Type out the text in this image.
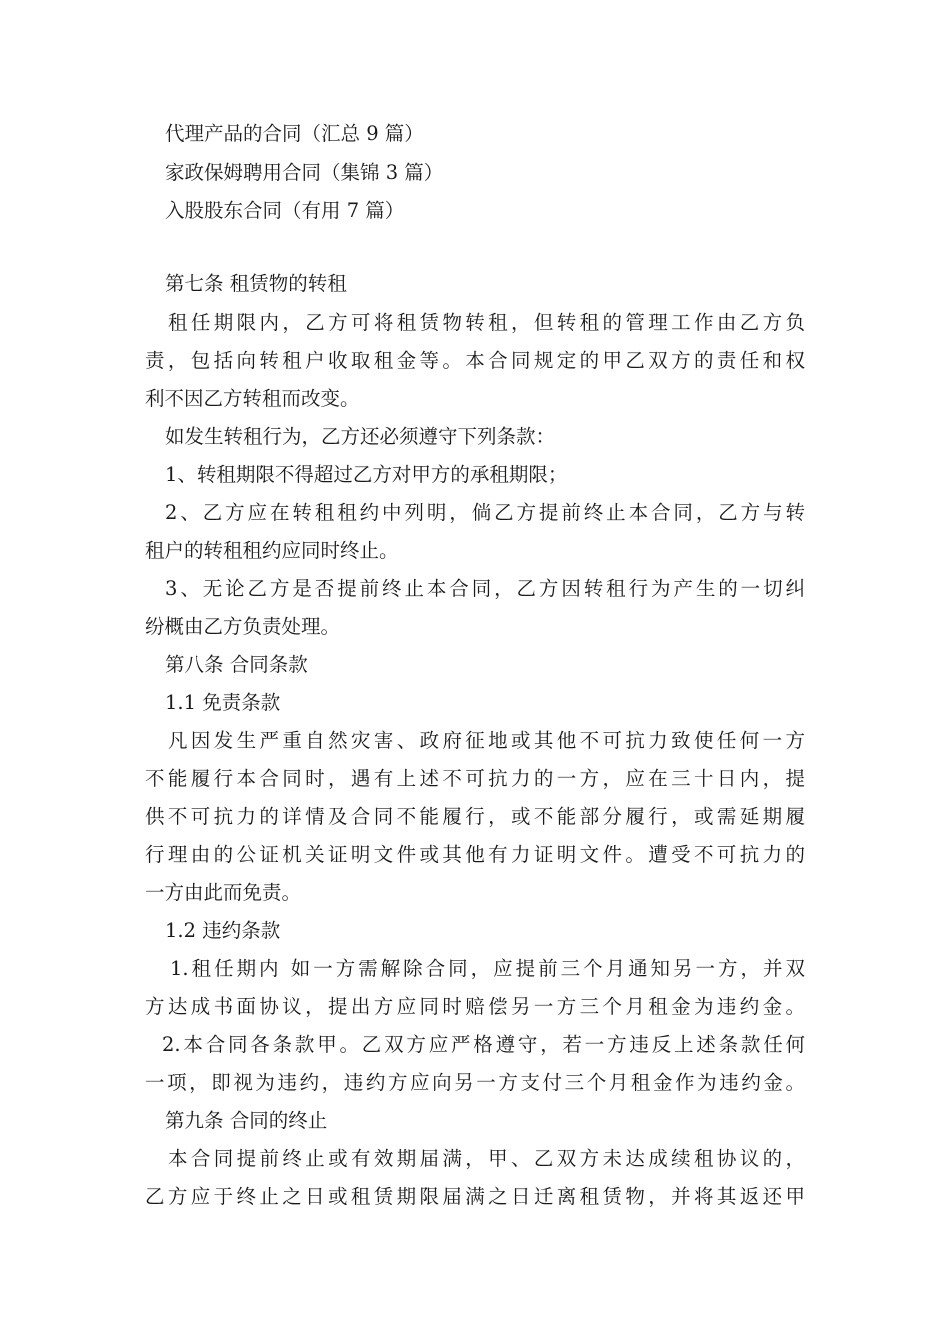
代理产品的合同（汇总 9 篇）
家政保姆聘用合同（集锦 3 篇）
入股股东合同（有用 7 篇）
第七条 租赁物的转租
租任期限内，乙方可将租赁物转租，但转租的管理工作由乙方负
责，包括向转租户收取租金等。本合同规定的甲乙双方的责任和权
利不因乙方转租而改变。
如发生转租行为，乙方还必须遵守下列条款：
1、转租期限不得超过乙方对甲方的承租期限；
2、乙方应在转租租约中列明，倘乙方提前终止本合同，乙方与转
租户的转租租约应同时终止。
3、无论乙方是否提前终止本合同，乙方因转租行为产生的一切纠
纷概由乙方负责处理。
第八条 合同条款
1.1 免责条款
凡因发生严重自然灾害、政府征地或其他不可抗力致使任何一方
不能履行本合同时，遇有上述不可抗力的一方，应在三十日内，提
供不可抗力的详情及合同不能履行，或不能部分履行，或需延期履
行理由的公证机关证明文件或其他有力证明文件。遭受不可抗力的
一方由此而免责。
1.2 违约条款
1.租任期内 如一方需解除合同，应提前三个月通知另一方，并双
方达成书面协议，提出方应同时赔偿另一方三个月租金为违约金。
2.本合同各条款甲。乙双方应严格遵守，若一方违反上述条款任何
一项，即视为违约，违约方应向另一方支付三个月租金作为违约金。
第九条 合同的终止
本合同提前终止或有效期届满，甲、乙双方未达成续租协议的，
乙方应于终止之日或租赁期限届满之日迁离租赁物，并将其返还甲
